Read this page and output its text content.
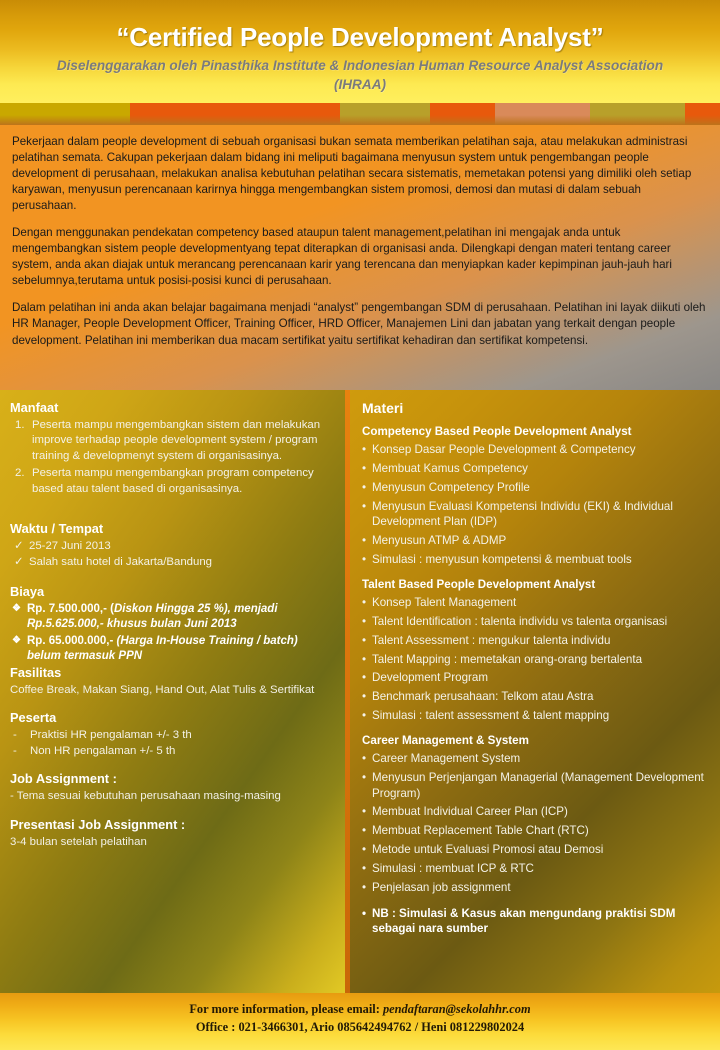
“Certified People Development Analyst”
Diselenggarakan oleh Pinasthika Institute & Indonesian Human Resource Analyst Association (IHRAA)

Pekerjaan dalam people development di sebuah organisasi bukan semata memberikan pelatihan saja, atau melakukan administrasi pelatihan semata. Cakupan pekerjaan dalam bidang ini meliputi bagaimana menyusun system untuk pengembangan people development di perusahaan, melakukan analisa kebutuhan pelatihan secara sistematis, memetakan potensi yang dimiliki oleh setiap karyawan, menyusun perencanaan karirnya hingga mengembangkan sistem promosi, demosi dan mutasi di dalam sebuah perusahaan.

Dengan menggunakan pendekatan competency based ataupun talent management,pelatihan ini mengajak anda untuk mengembangkan sistem people developmentyang tepat diterapkan di organisasi anda. Dilengkapi dengan materi tentang career system, anda akan diajak untuk merancang perencanaan karir yang terencana dan menyiapkan kader kepimpinan jauh-jauh hari sebelumnya,terutama untuk posisi-posisi kunci di perusahaan.

Dalam pelatihan ini anda akan belajar bagaimana menjadi “analyst” pengembangan SDM di perusahaan. Pelatihan ini layak diikuti oleh HR Manager, People Development Officer, Training Officer, HRD Officer, Manajemen Lini dan jabatan yang terkait dengan people development. Pelatihan ini memberikan dua macam sertifikat yaitu sertifikat kehadiran dan sertifikat kompetensi.

Manfaat
1. Peserta mampu mengembangkan sistem dan melakukan improve terhadap people development system / program training & developmenyt system di organisasinya.
2. Peserta mampu mengembangkan program competency based atau talent based di organisasinya.
Waktu / Tempat
✓ 25-27 Juni 2013
✓ Salah satu hotel di Jakarta/Bandung
Biaya
❖ Rp. 7.500.000,- (Diskon Hingga 25 %), menjadi Rp.5.625.000,- khusus bulan Juni 2013
❖ Rp. 65.000.000,- (Harga In-House Training / batch) belum termasuk PPN
Fasilitas
Coffee Break, Makan Siang, Hand Out, Alat Tulis & Sertifikat
Peserta
-	Praktisi HR pengalaman +/- 3 th
-	Non HR pengalaman +/- 5 th
Job Assignment :
- Tema sesuai kebutuhan perusahaan masing-masing
Presentasi Job Assignment :
3-4 bulan setelah pelatihan
Materi
Competency Based People Development Analyst
• Konsep Dasar People Development & Competency
• Membuat Kamus Competency
• Menyusun Competency Profile
• Menyusun Evaluasi Kompetensi Individu (EKI) & Individual Development Plan (IDP)
• Menyusun ATMP & ADMP
• Simulasi : menyusun kompetensi & membuat tools
Talent Based People Development Analyst
• Konsep Talent Management
• Talent Identification : talenta individu vs talenta organisasi
• Talent Assessment : mengukur talenta individu
• Talent Mapping : memetakan orang-orang bertalenta
• Development Program
• Benchmark perusahaan: Telkom atau Astra
• Simulasi : talent assessment & talent mapping
Career Management & System
• Career Management System
• Menyusun Perjenjangan Managerial (Management Development Program)
• Membuat Individual Career Plan (ICP)
• Membuat Replacement Table Chart (RTC)
• Metode untuk Evaluasi Promosi atau Demosi
• Simulasi : membuat ICP & RTC
• Penjelasan job assignment
• NB : Simulasi & Kasus akan mengundang praktisi SDM sebagai nara sumber
For more information, please email: pendaftaran@sekolahhr.com
Office : 021-3466301, Ario 085642494762 / Heni 081229802024
